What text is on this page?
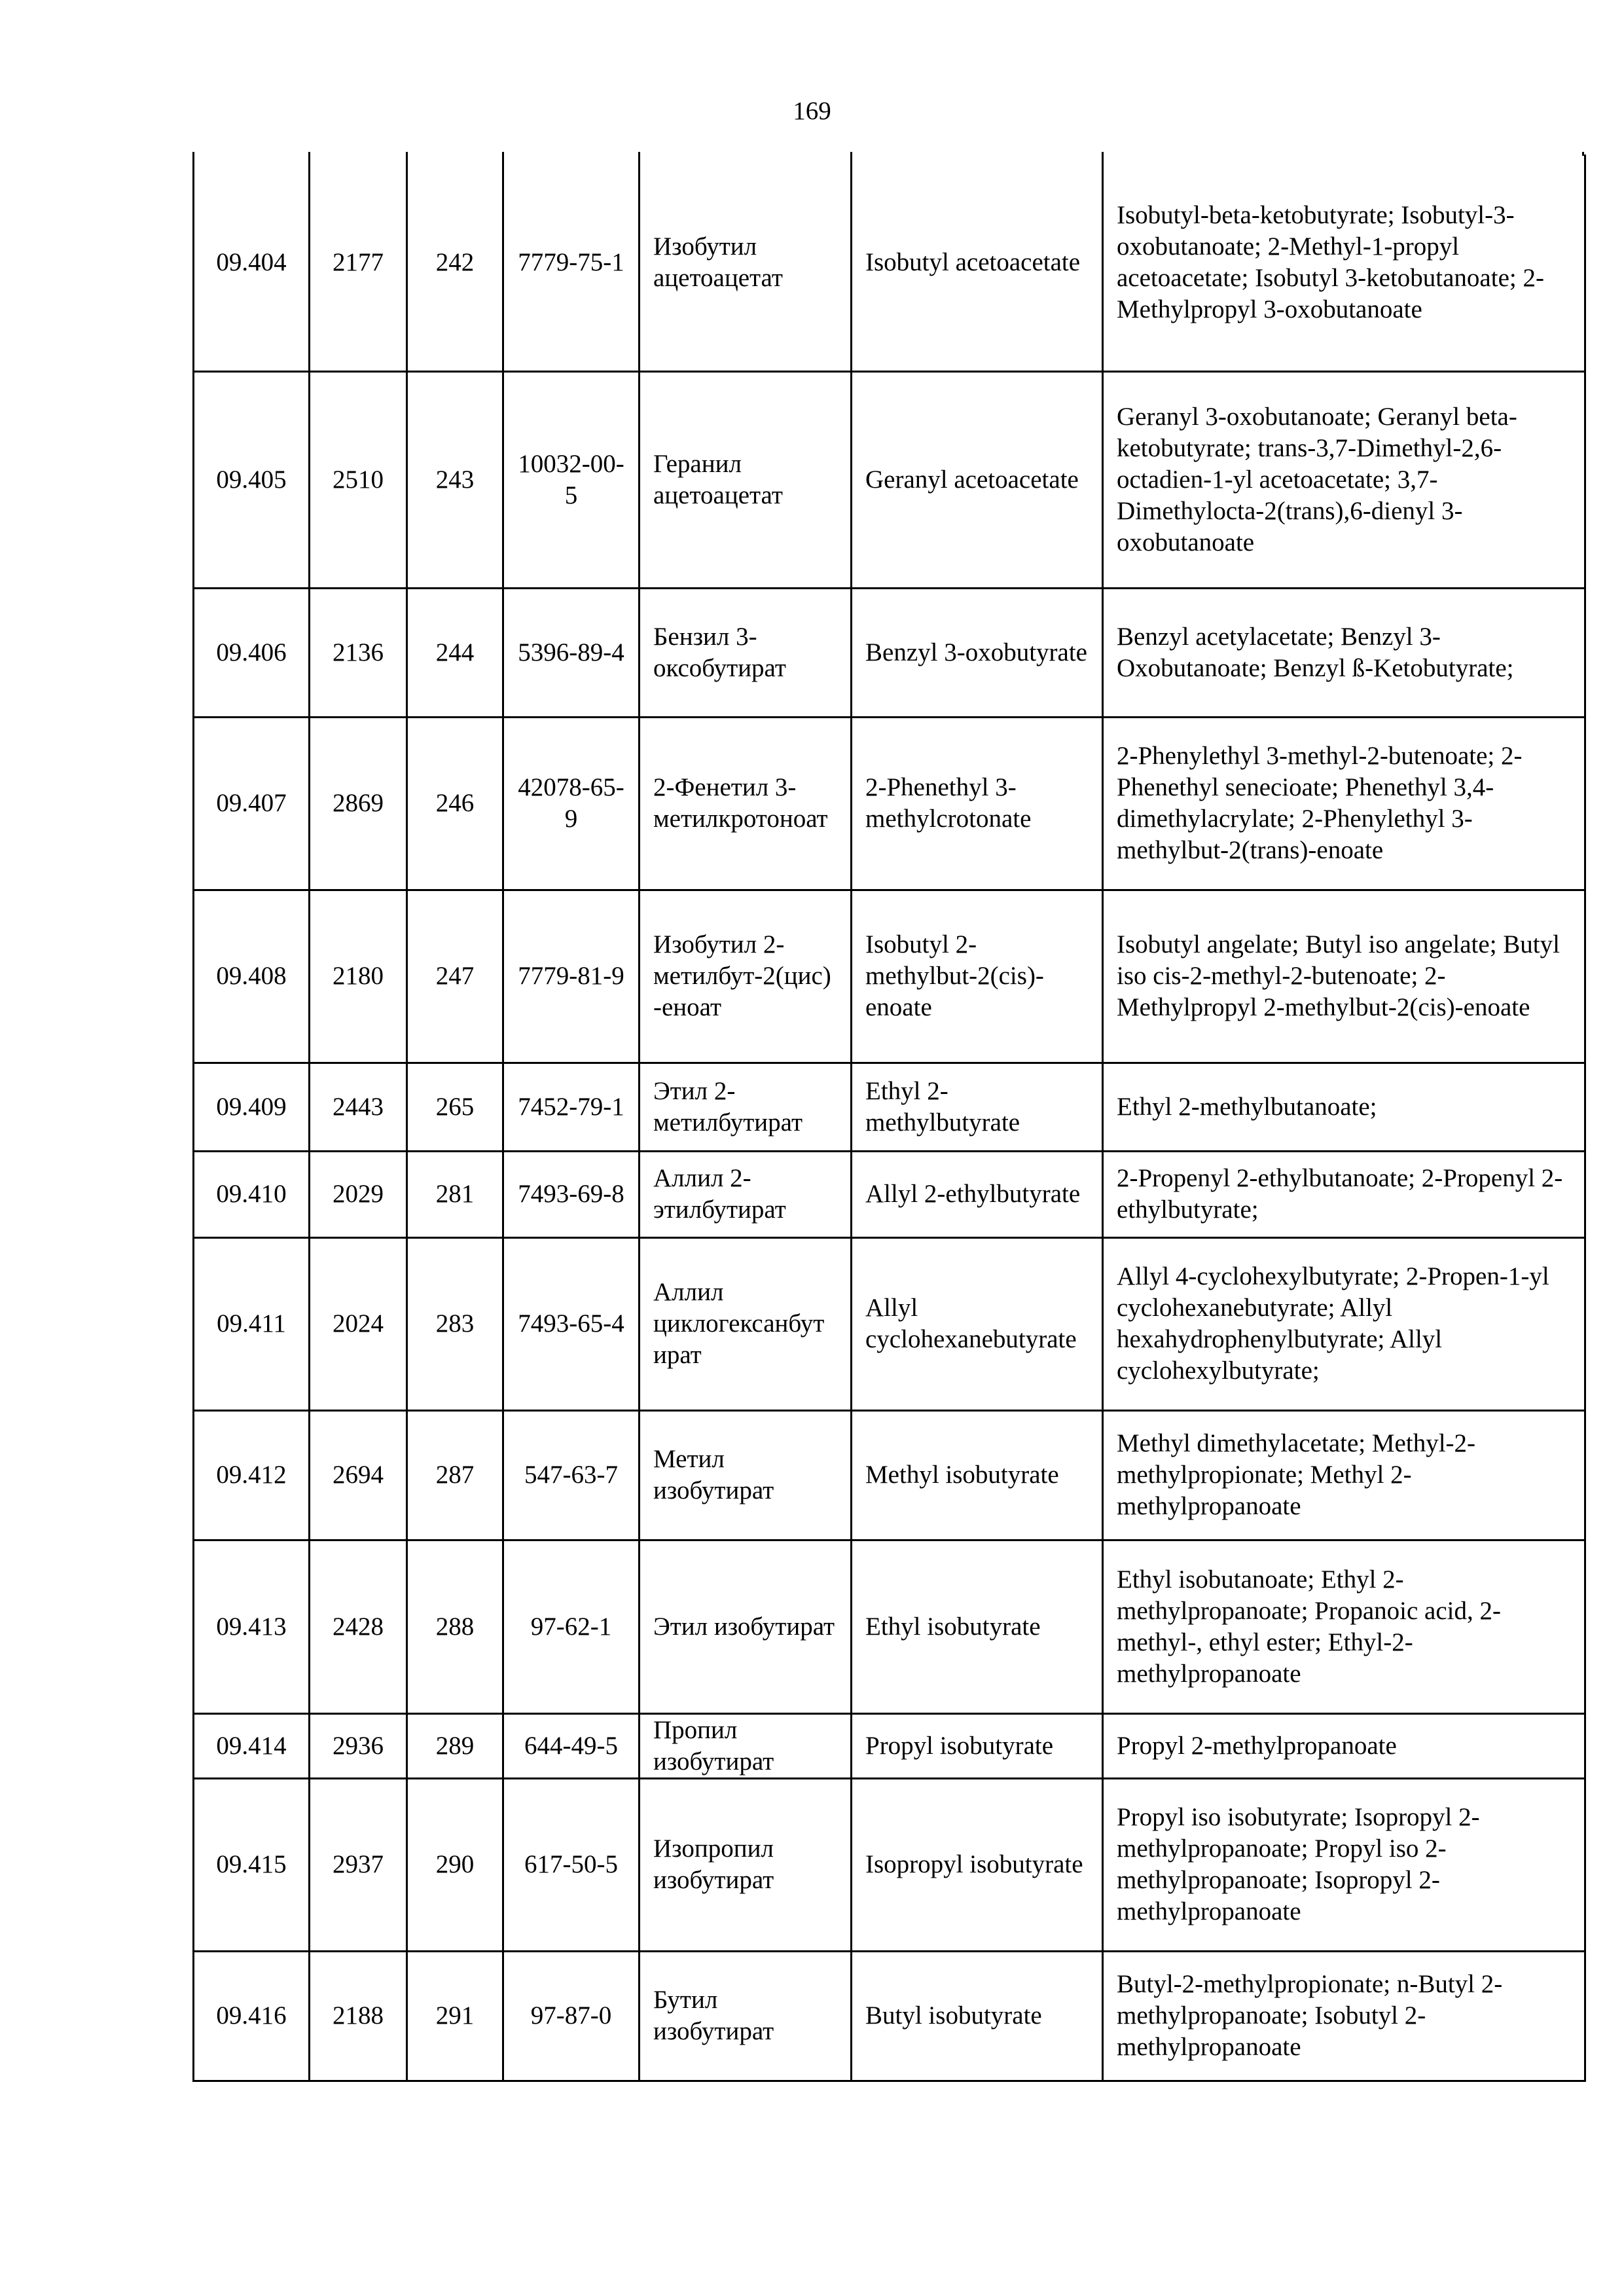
169
09.404	2177	242	7779-75-1	Изобутил ацетоацетат	Isobutyl acetoacetate	Isobutyl-beta-ketobutyrate; Isobutyl-3-oxobutanoate; 2-Methyl-1-propyl acetoacetate; Isobutyl 3-ketobutanoate; 2-Methylpropyl 3-oxobutanoate
09.405	2510	243	10032-00-5	Геранил ацетоацетат	Geranyl acetoacetate	Geranyl 3-oxobutanoate; Geranyl beta-ketobutyrate; trans-3,7-Dimethyl-2,6-octadien-1-yl acetoacetate; 3,7-Dimethylocta-2(trans),6-dienyl 3-oxobutanoate
09.406	2136	244	5396-89-4	Бензил 3-оксобутират	Benzyl 3-oxobutyrate	Benzyl acetylacetate; Benzyl 3-Oxobutanoate; Benzyl ß-Ketobutyrate;
09.407	2869	246	42078-65-9	2-Фенетил 3-метилкротоноат	2-Phenethyl 3-methylcrotonate	2-Phenylethyl 3-methyl-2-butenoate; 2-Phenethyl senecioate; Phenethyl 3,4-dimethylacrylate; 2-Phenylethyl 3-methylbut-2(trans)-enoate
09.408	2180	247	7779-81-9	Изобутил 2-метилбут-2(цис)-еноат	Isobutyl 2-methylbut-2(cis)-enoate	Isobutyl angelate; Butyl iso angelate; Butyl iso cis-2-methyl-2-butenoate; 2-Methylpropyl 2-methylbut-2(cis)-enoate
09.409	2443	265	7452-79-1	Этил 2-метилбутират	Ethyl 2-methylbutyrate	Ethyl 2-methylbutanoate;
09.410	2029	281	7493-69-8	Аллил 2-этилбутират	Allyl 2-ethylbutyrate	2-Propenyl 2-ethylbutanoate; 2-Propenyl 2-ethylbutyrate;
09.411	2024	283	7493-65-4	Аллил циклогексанбутират	Allyl cyclohexanebutyrate	Allyl 4-cyclohexylbutyrate; 2-Propen-1-yl cyclohexanebutyrate; Allyl hexahydrophenylbutyrate; Allyl cyclohexylbutyrate;
09.412	2694	287	547-63-7	Метил изобутират	Methyl isobutyrate	Methyl dimethylacetate; Methyl-2-methylpropionate; Methyl 2-methylpropanoate
09.413	2428	288	97-62-1	Этил изобутират	Ethyl isobutyrate	Ethyl isobutanoate; Ethyl 2-methylpropanoate; Propanoic acid, 2-methyl-, ethyl ester; Ethyl-2-methylpropanoate
09.414	2936	289	644-49-5	Пропил изобутират	Propyl isobutyrate	Propyl 2-methylpropanoate
09.415	2937	290	617-50-5	Изопропил изобутират	Isopropyl isobutyrate	Propyl iso isobutyrate; Isopropyl 2-methylpropanoate; Propyl iso 2-methylpropanoate; Isopropyl 2-methylpropanoate
09.416	2188	291	97-87-0	Бутил изобутират	Butyl isobutyrate	Butyl-2-methylpropionate; n-Butyl 2-methylpropanoate; Isobutyl 2-methylpropanoate
